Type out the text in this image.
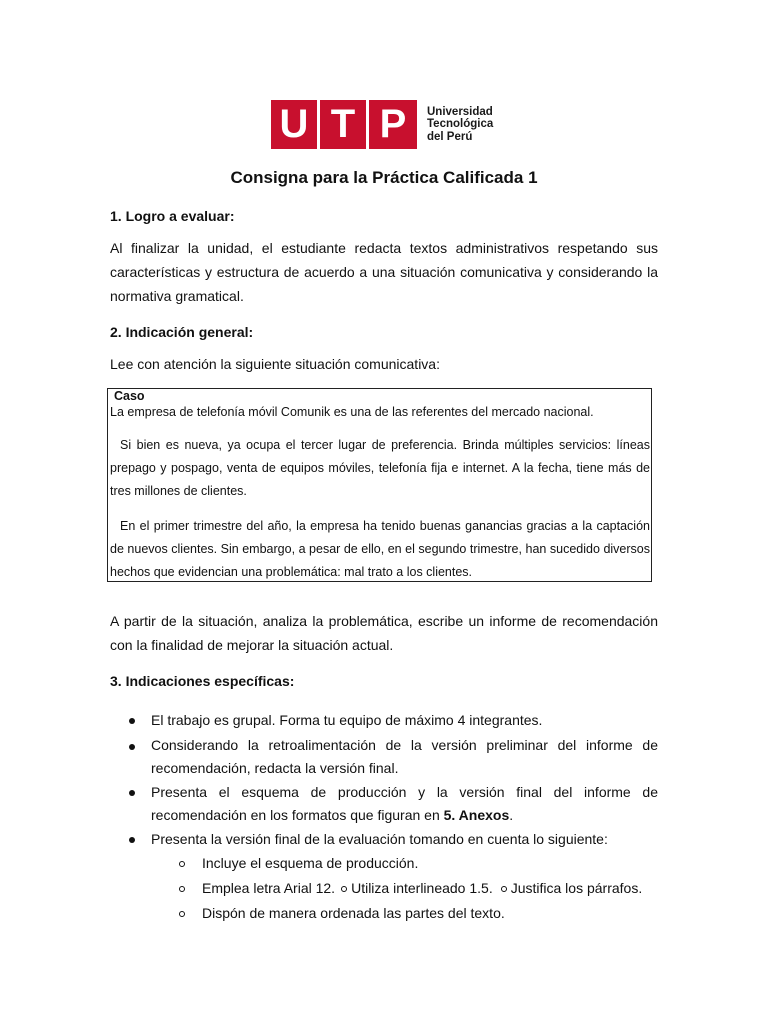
U T P	Universidad
Tecnológica
del Perú
Consigna para la Práctica Calificada 1
1. Logro a evaluar:

Al finalizar la unidad, el estudiante redacta textos administrativos respetando sus características y estructura de acuerdo a una situación comunicativa y considerando la normativa gramatical.

2. Indicación general:

Lee con atención la siguiente situación comunicativa:

Caso

La empresa de telefonía móvil Comunik es una de las referentes del mercado nacional.

Si bien es nueva, ya ocupa el tercer lugar de preferencia. Brinda múltiples servicios: líneas prepago y pospago, venta de equipos móviles, telefonía fija e internet. A la fecha, tiene más de tres millones de clientes.

En el primer trimestre del año, la empresa ha tenido buenas ganancias gracias a la captación de nuevos clientes. Sin embargo, a pesar de ello, en el segundo trimestre, han sucedido diversos hechos que evidencian una problemática: mal trato a los clientes.

A partir de la situación, analiza la problemática, escribe un informe de recomendación con la finalidad de mejorar la situación actual.

3. Indicaciones específicas:

El trabajo es grupal. Forma tu equipo de máximo 4 integrantes.

Considerando la retroalimentación de la versión preliminar del informe de recomendación, redacta la versión final.

Presenta el esquema de producción y la versión final del informe de recomendación en los formatos que figuran en 5. Anexos.

Presenta la versión final de la evaluación tomando en cuenta lo siguiente:

Incluye el esquema de producción.

Emplea letra Arial 12. Utiliza interlineado 1.5. Justifica los párrafos.

Dispón de manera ordenada las partes del texto.
